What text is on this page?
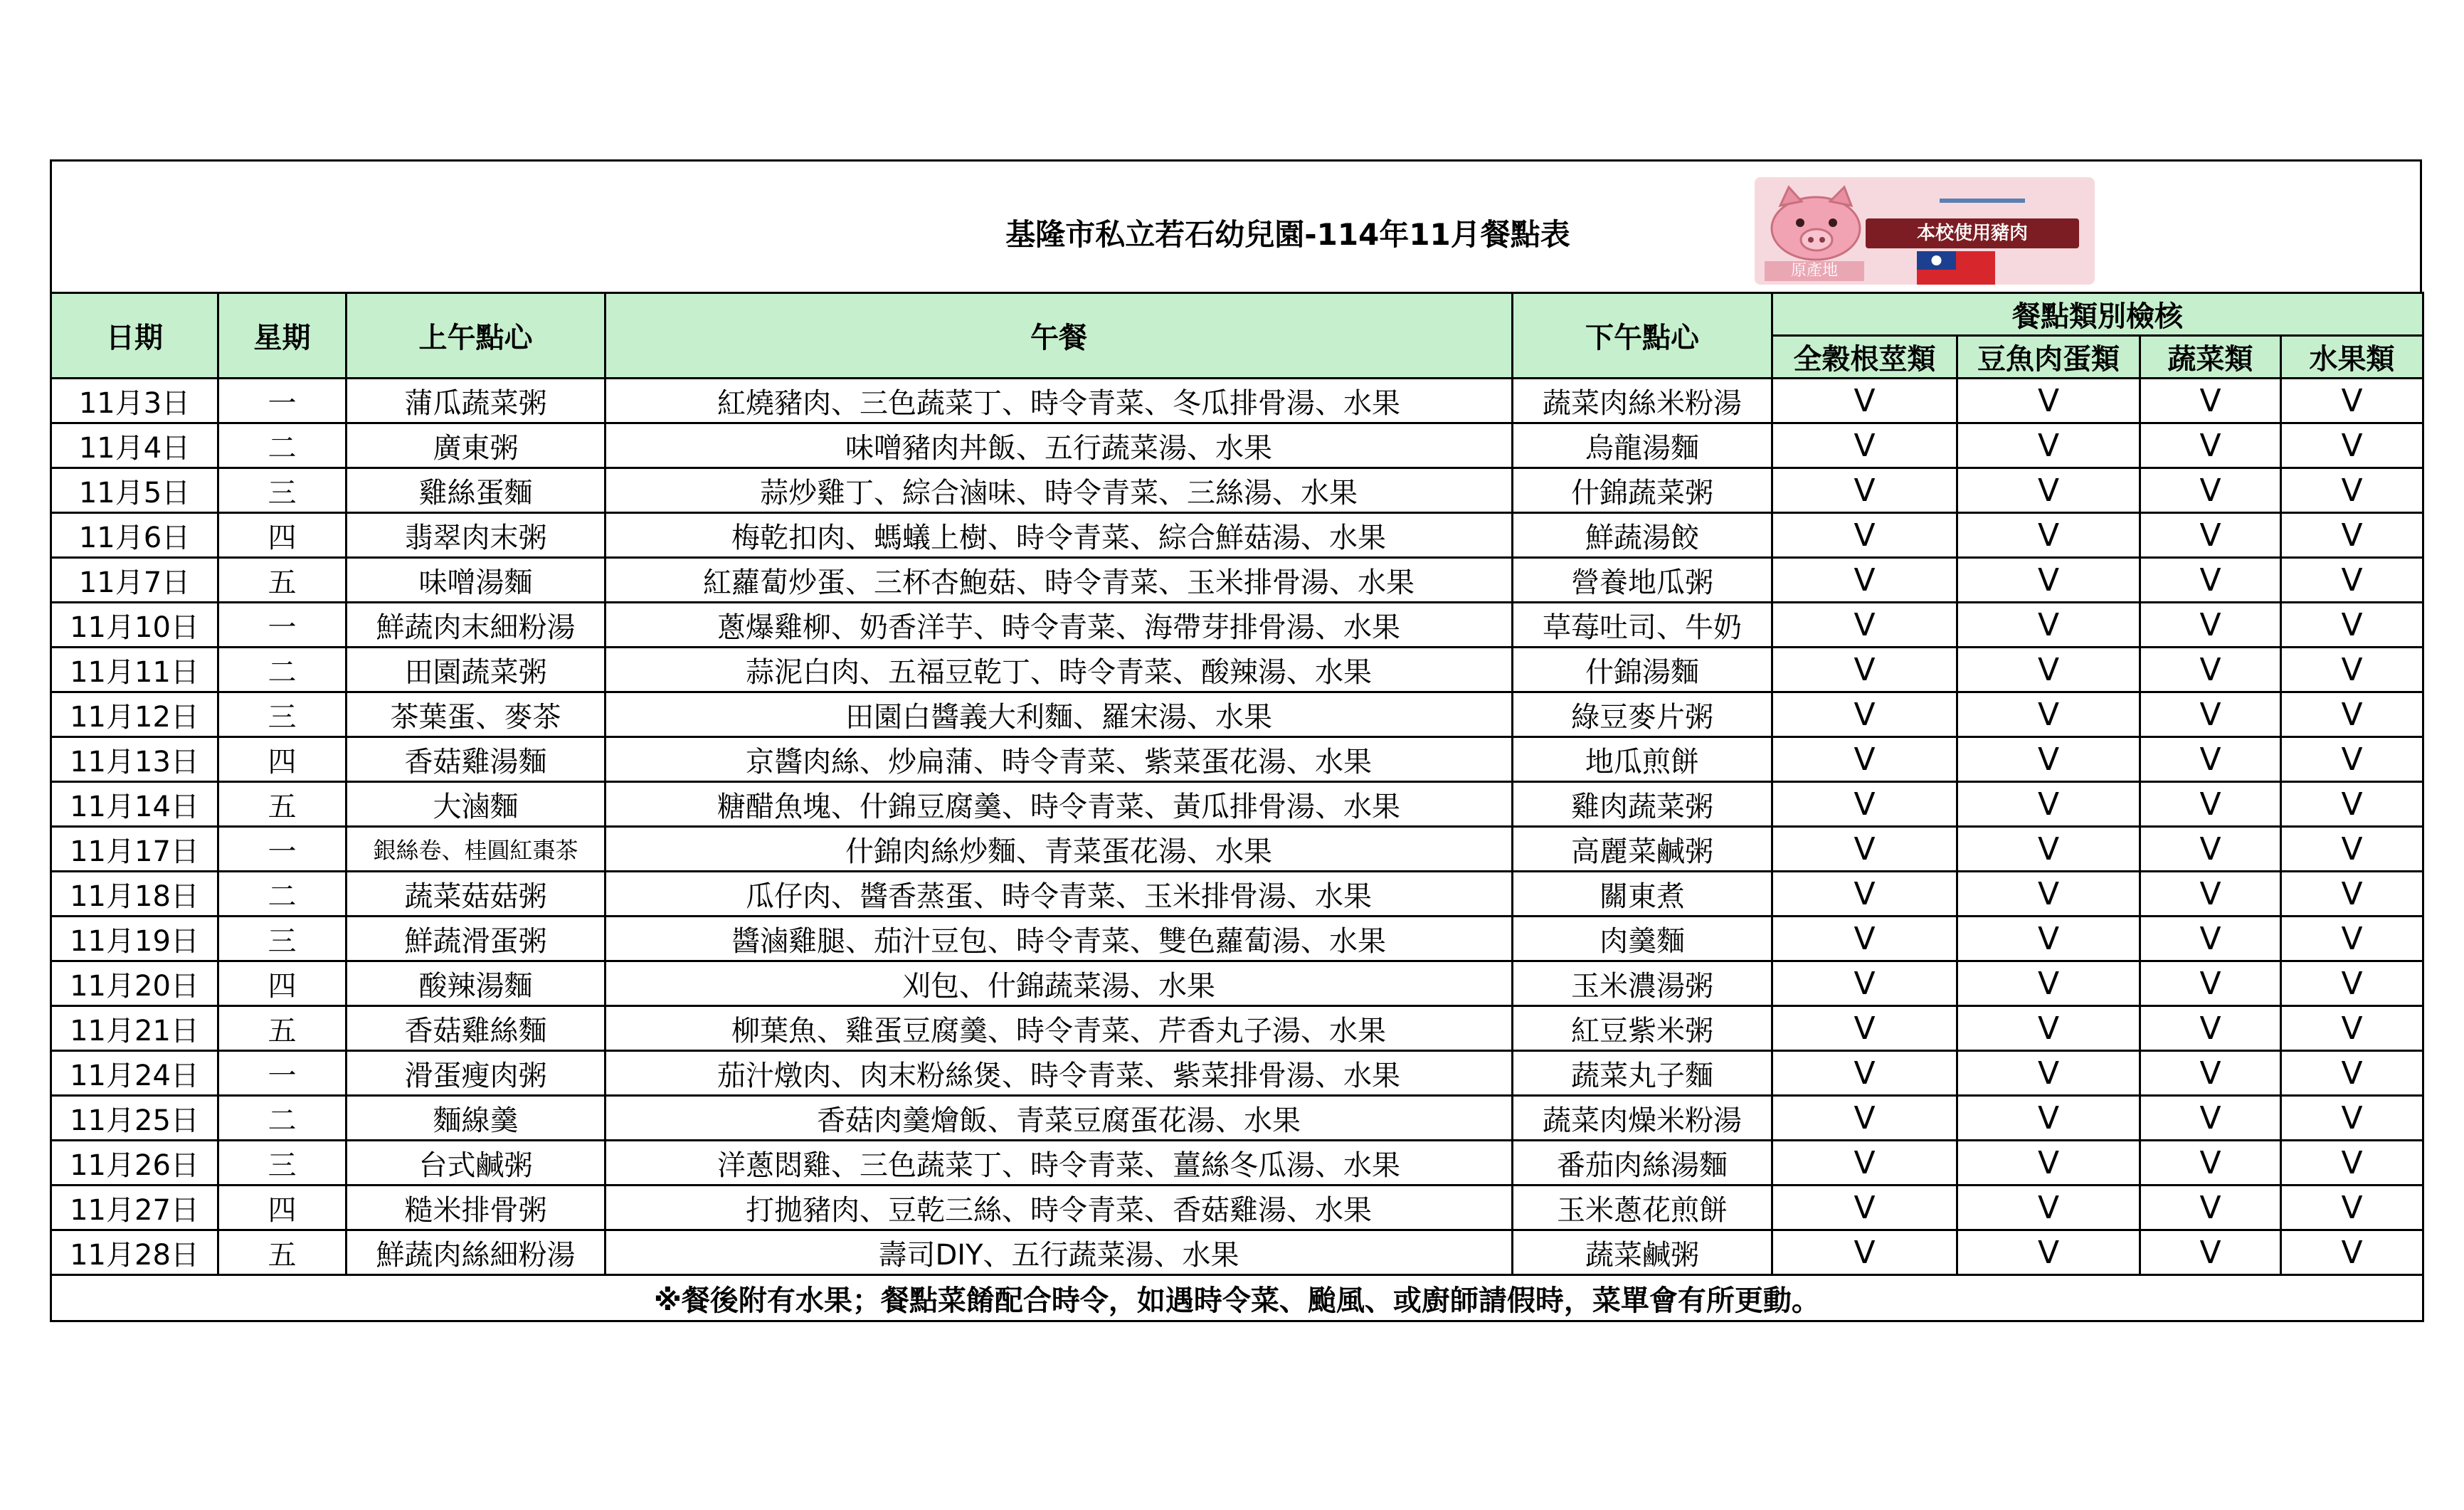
基隆市私立若石幼兒園-114年11月餐點表	本校使用豬肉
原產地
日期	星期	上午點心	午餐	下午點心	餐點類別檢核			
					全穀根莖類	豆魚肉蛋類	蔬菜類	水果類
11月3日	一	蒲瓜蔬菜粥	紅燒豬肉、三色蔬菜丁、時令青菜、冬瓜排骨湯、水果	蔬菜肉絲米粉湯	V	V	V	V
11月4日	二	廣東粥	味噌豬肉丼飯、五行蔬菜湯、水果	烏龍湯麵	V	V	V	V
11月5日	三	雞絲蛋麵	蒜炒雞丁、綜合滷味、時令青菜、三絲湯、水果	什錦蔬菜粥	V	V	V	V
11月6日	四	翡翠肉末粥	梅乾扣肉、螞蟻上樹、時令青菜、綜合鮮菇湯、水果	鮮蔬湯餃	V	V	V	V
11月7日	五	味噌湯麵	紅蘿蔔炒蛋、三杯杏鮑菇、時令青菜、玉米排骨湯、水果	營養地瓜粥	V	V	V	V
11月10日	一	鮮蔬肉末細粉湯	蔥爆雞柳、奶香洋芋、時令青菜、海帶芽排骨湯、水果	草莓吐司、牛奶	V	V	V	V
11月11日	二	田園蔬菜粥	蒜泥白肉、五福豆乾丁、時令青菜、酸辣湯、水果	什錦湯麵	V	V	V	V
11月12日	三	茶葉蛋、麥茶	田園白醬義大利麵、羅宋湯、水果	綠豆麥片粥	V	V	V	V
11月13日	四	香菇雞湯麵	京醬肉絲、炒扁蒲、時令青菜、紫菜蛋花湯、水果	地瓜煎餅	V	V	V	V
11月14日	五	大滷麵	糖醋魚塊、什錦豆腐羹、時令青菜、黃瓜排骨湯、水果	雞肉蔬菜粥	V	V	V	V
11月17日	一	銀絲卷、桂圓紅棗茶	什錦肉絲炒麵、青菜蛋花湯、水果	高麗菜鹹粥	V	V	V	V
11月18日	二	蔬菜菇菇粥	瓜仔肉、醬香蒸蛋、時令青菜、玉米排骨湯、水果	關東煮	V	V	V	V
11月19日	三	鮮蔬滑蛋粥	醬滷雞腿、茄汁豆包、時令青菜、雙色蘿蔔湯、水果	肉羹麵	V	V	V	V
11月20日	四	酸辣湯麵	刈包、什錦蔬菜湯、水果	玉米濃湯粥	V	V	V	V
11月21日	五	香菇雞絲麵	柳葉魚、雞蛋豆腐羹、時令青菜、芹香丸子湯、水果	紅豆紫米粥	V	V	V	V
11月24日	一	滑蛋瘦肉粥	茄汁燉肉、肉末粉絲煲、時令青菜、紫菜排骨湯、水果	蔬菜丸子麵	V	V	V	V
11月25日	二	麵線羹	香菇肉羹燴飯、青菜豆腐蛋花湯、水果	蔬菜肉燥米粉湯	V	V	V	V
11月26日	三	台式鹹粥	洋蔥悶雞、三色蔬菜丁、時令青菜、薑絲冬瓜湯、水果	番茄肉絲湯麵	V	V	V	V
11月27日	四	糙米排骨粥	打拋豬肉、豆乾三絲、時令青菜、香菇雞湯、水果	玉米蔥花煎餅	V	V	V	V
11月28日	五	鮮蔬肉絲細粉湯	壽司DIY、五行蔬菜湯、水果	蔬菜鹹粥	V	V	V	V
※餐後附有水果；餐點菜餚配合時令，如遇時令菜、颱風、或廚師請假時，菜單會有所更動。								
